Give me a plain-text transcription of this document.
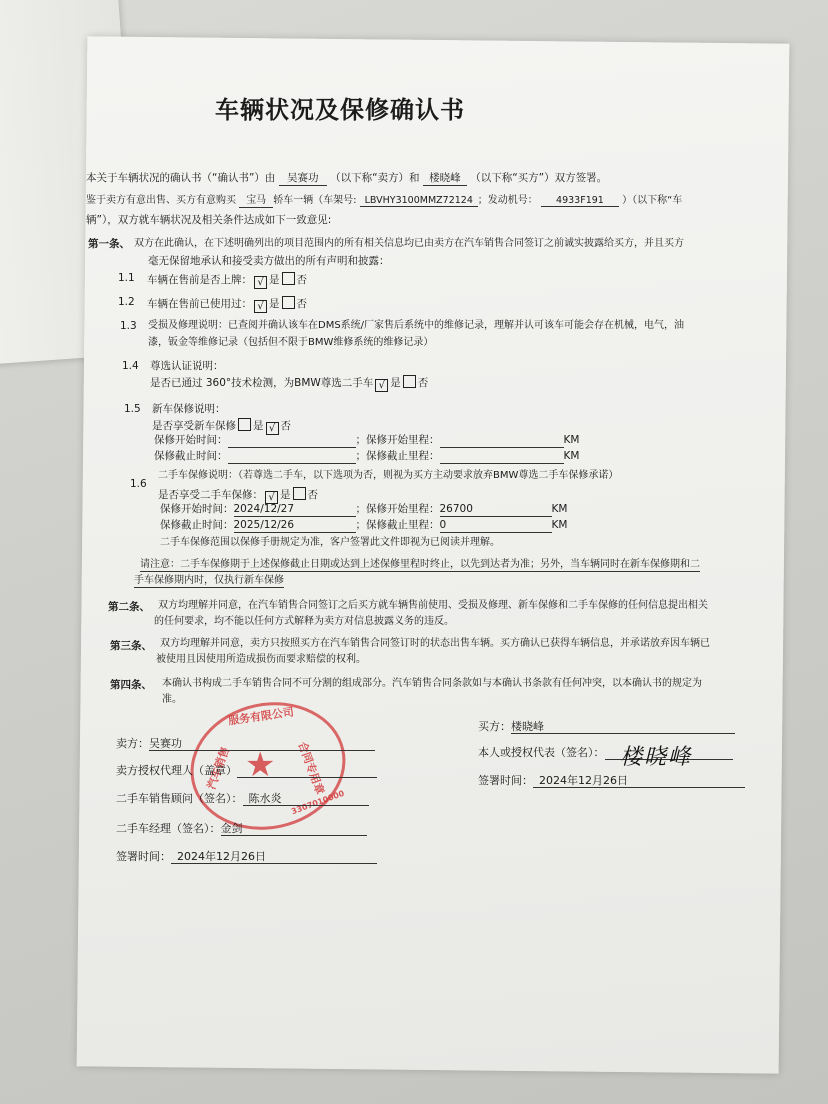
车辆状况及保修确认书
本关于车辆状况的确认书（“确认书”）由 吴赛功 （以下称“卖方）和 楼晓峰 （以下称“买方”）双方签署。
鉴于卖方有意出售、买方有意购买 宝马 轿车一辆（车架号: LBVHY3100MMZ72124 ；发动机号： 4933F191 ）（以下称“车
辆”），双方就车辆状况及相关条件达成如下一致意见:
第一条、 双方在此确认，在下述明确列出的项目范围内的所有相关信息均已由卖方在汽车销售合同签订之前诚实披露给买方，并且买方
毫无保留地承认和接受卖方做出的所有声明和披露：
1.1 车辆在售前是否上牌： √ 是 否
1.2 车辆在售前已使用过： √ 是 否
1.3 受损及修理说明：已查阅并确认该车在DMS系统/厂家售后系统中的维修记录，理解并认可该车可能会存在机械，电气，油
漆，钣金等维修记录（包括但不限于BMW维修系统的维修记录）
1.4 尊选认证说明：
是否已通过 360°技术检测，为BMW尊选二手车 √ 是 否
1.5 新车保修说明：
是否享受新车保修 是 √ 否
保修开始时间：	；保修开始里程：	KM
保修截止时间：	；保修截止里程：	KM
1.6
二手车保修说明：（若尊选二手车，以下选项为否，则视为买方主动要求放弃BMW尊选二手车保修承诺）
是否享受二手车保修： √ 是 否
保修开始时间：2024/12/27	；保修开始里程：26700	KM
保修截止时间：2025/12/26	；保修截止里程：0	KM
二手车保修范围以保修手册规定为准，客户签署此文件即视为已阅读并理解。
请注意：二手车保修期于上述保修截止日期或达到上述保修里程时终止，以先到达者为准；另外，当车辆同时在新车保修期和二
手车保修期内时，仅执行新车保修
第二条、 双方均理解并同意，在汽车销售合同签订之后买方就车辆售前使用、受损及修理、新车保修和二手车保修的任何信息提出相关
的任何要求，均不能以任何方式解释为卖方对信息披露义务的违反。
第三条、 双方均理解并同意，卖方只按照买方在汽车销售合同签订时的状态出售车辆。买方确认已获得车辆信息，并承诺放弃因车辆已
被使用且因使用所造成损伤而要求赔偿的权利。
第四条、 本确认书构成二手车销售合同不可分割的组成部分。汽车销售合同条款如与本确认书条款有任何冲突，以本确认书的规定为
准。
服务有限公司
汽车销售	合同专用章
3307010000
★
卖方：吴赛功
卖方授权代理人（盖章）
二手车销售顾问（签名）： 陈水炎
二手车经理（签名）：金剑
签署时间： 2024年12月26日
买方：楼晓峰
本人或授权代表（签名）： 楼晓峰
签署时间： 2024年12月26日
